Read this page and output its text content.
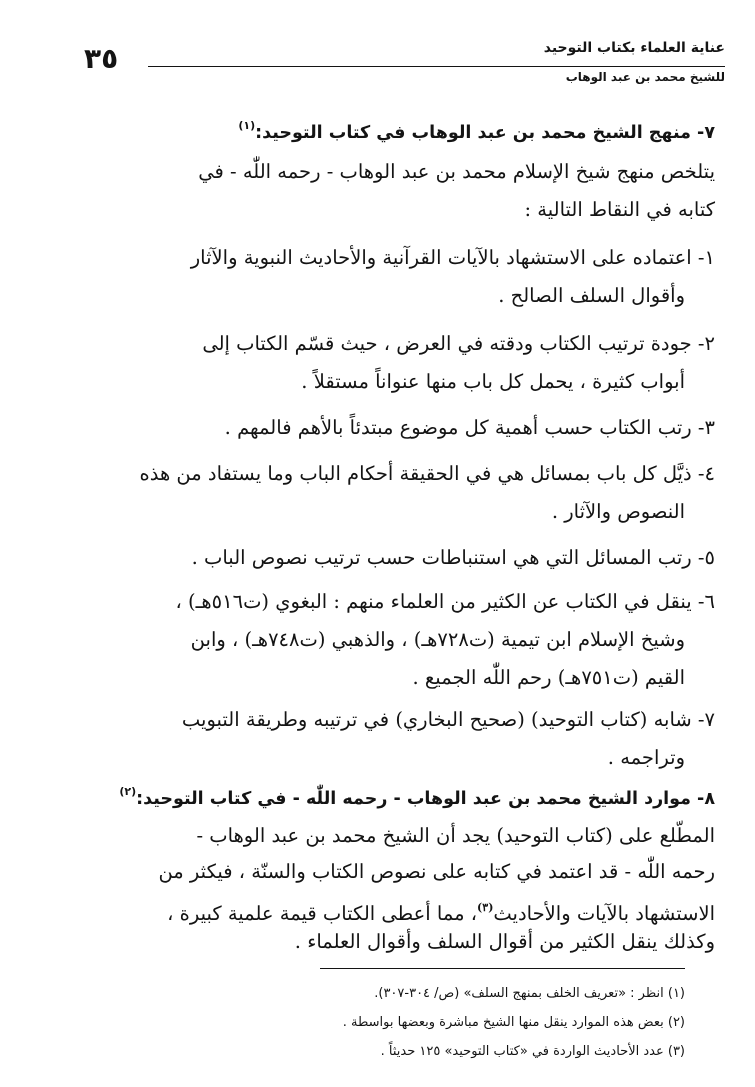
عناية العلماء بكتاب التوحيد
للشيخ محمد بن عبد الوهاب
٣٥
٧- منهج الشيخ محمد بن عبد الوهاب في كتاب التوحيد:$^{(١)}$
يتلخص منهج شيخ الإسلام محمد بن عبد الوهاب - رحمه اللّٰه - في
كتابه في النقاط التالية :
١- اعتماده على الاستشهاد بالآيات القرآنية والأحاديث النبوية والآثار
وأقوال السلف الصالح .
٢- جودة ترتيب الكتاب ودقته في العرض ، حيث قسّم الكتاب إلى
أبواب كثيرة ، يحمل كل باب منها عنواناً مستقلاً .
٣- رتب الكتاب حسب أهمية كل موضوع مبتدئاً بالأهم فالمهم .
٤- ذيَّل كل باب بمسائل هي في الحقيقة أحكام الباب وما يستفاد من هذه
النصوص والآثار .
٥- رتب المسائل التي هي استنباطات حسب ترتيب نصوص الباب .
٦- ينقل في الكتاب عن الكثير من العلماء منهم : البغوي (ت٥١٦هـ) ،
وشيخ الإسلام ابن تيمية (ت٧٢٨هـ) ، والذهبي (ت٧٤٨هـ) ، وابن
القيم (ت٧٥١هـ) رحم اللّٰه الجميع .
٧- شابه (كتاب التوحيد) (صحيح البخاري) في ترتيبه وطريقة التبويب
وتراجمه .
٨- موارد الشيخ محمد بن عبد الوهاب - رحمه اللّٰه - في كتاب التوحيد:$^{(٢)}$
المطّلع على (كتاب التوحيد) يجد أن الشيخ محمد بن عبد الوهاب -
رحمه اللّٰه - قد اعتمد في كتابه على نصوص الكتاب والسنّة ، فيكثر من
الاستشهاد بالآيات والأحاديث$^{(٣)}$، مما أعطى الكتاب قيمة علمية كبيرة ،
وكذلك ينقل الكثير من أقوال السلف وأقوال العلماء .
(١) انظر : «تعريف الخلف بمنهج السلف» (ص/ ٣٠٤-٣٠٧).
(٢) بعض هذه الموارد ينقل منها الشيخ مباشرة وبعضها بواسطة .
(٣) عدد الأحاديث الواردة في «كتاب التوحيد» ١٢٥ حديثاً .
